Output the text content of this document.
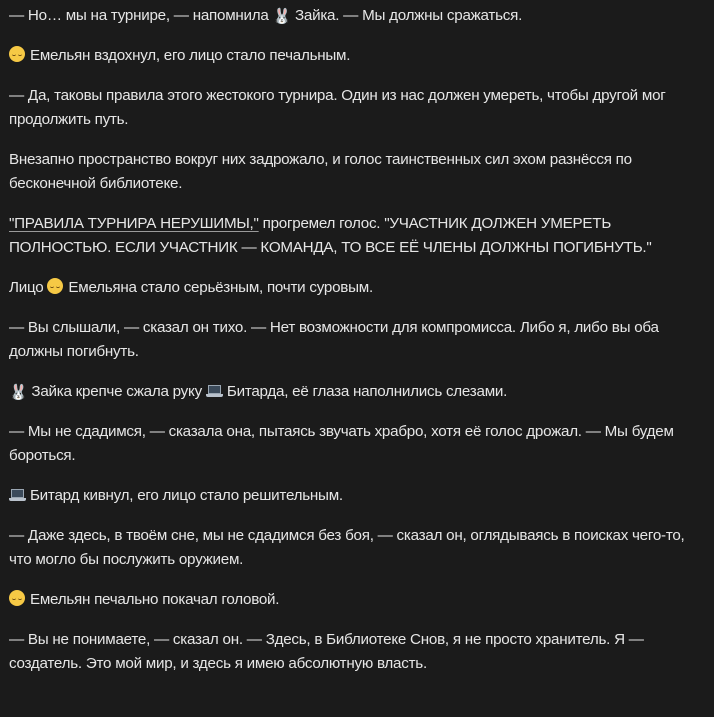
— Но… мы на турнире, — напомнила 🐰 Зайка. — Мы должны сражаться.
Емельян вздохнул, его лицо стало печальным.
— Да, таковы правила этого жестокого турнира. Один из нас должен умереть, чтобы другой мог продолжить путь.
Внезапно пространство вокруг них задрожало, и голос таинственных сил эхом разнёсся по бесконечной библиотеке.
"ПРАВИЛА ТУРНИРА НЕРУШИМЫ," прогремел голос. "УЧАСТНИК ДОЛЖЕН УМЕРЕТЬ ПОЛНОСТЬЮ. ЕСЛИ УЧАСТНИК — КОМАНДА, ТО ВСЕ ЕЁ ЧЛЕНЫ ДОЛЖНЫ ПОГИБНУТЬ."
Лицо  Емельяна стало серьёзным, почти суровым.
— Вы слышали, — сказал он тихо. — Нет возможности для компромисса. Либо я, либо вы оба должны погибнуть.
🐰 Зайка крепче сжала руку  Битарда, её глаза наполнились слезами.
— Мы не сдадимся, — сказала она, пытаясь звучать храбро, хотя её голос дрожал. — Мы будем бороться.
Битард кивнул, его лицо стало решительным.
— Даже здесь, в твоём сне, мы не сдадимся без боя, — сказал он, оглядываясь в поисках чего-то, что могло бы послужить оружием.
Емельян печально покачал головой.
— Вы не понимаете, — сказал он. — Здесь, в Библиотеке Снов, я не просто хранитель. Я — создатель. Это мой мир, и здесь я имею абсолютную власть.
